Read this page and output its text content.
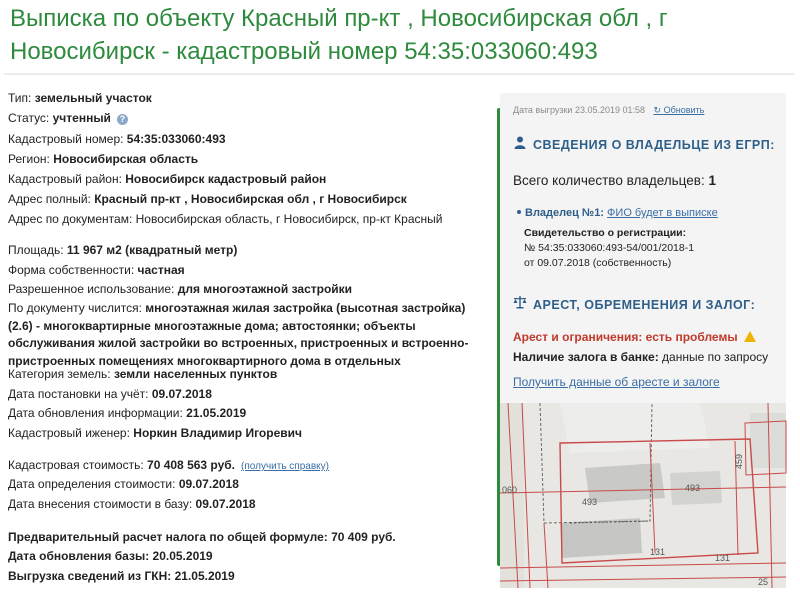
Выписка по объекту Красный пр-кт , Новосибирская обл , г Новосибирск - кадастровый номер 54:35:033060:493
Тип: земельный участок
Статус: учтенный ?
Кадастровый номер: 54:35:033060:493
Регион: Новосибирская область
Кадастровый район: Новосибирск кадастровый район
Адрес полный: Красный пр-кт , Новосибирская обл , г Новосибирск
Адрес по документам: Новосибирская область, г Новосибирск, пр-кт Красный
Площадь: 11 967 м2 (квадратный метр)
Форма собственности: частная
Разрешенное использование: для многоэтажной застройки
По документу числится: многоэтажная жилая застройка (высотная застройка) (2.6) - многоквартирные многоэтажные дома; автостоянки; объекты обслуживания жилой застройки во встроенных, пристроенных и встроенно-пристроенных помещениях многоквартирного дома в отдельных
Категория земель: земли населенных пунктов
Дата постановки на учёт: 09.07.2018
Дата обновления информации: 21.05.2019
Кадастровый иженер: Норкин Владимир Игоревич
Кадастровая стоимость: 70 408 563 руб. (получить справку)
Дата определения стоимости: 09.07.2018
Дата внесения стоимости в базу: 09.07.2018
Предварительный расчет налога по общей формуле: 70 409 руб.
Дата обновления базы: 20.05.2019
Выгрузка сведений из ГКН: 21.05.2019
Дата выгрузки 23.05.2019 01:58 ↻ Обновить
СВЕДЕНИЯ О ВЛАДЕЛЬЦЕ ИЗ ЕГРП:
Всего количество владельцев: 1
Владелец №1: ФИО будет в выписке
Свидетельство о регистрации:
№ 54:35:033060:493-54/001/2018-1
от 09.07.2018 (собственность)
АРЕСТ, ОБРЕМЕНЕНИЯ И ЗАЛОГ:
Арест и ограничения: есть проблемы
Наличие залога в банке: данные по запросу
Получить данные об аресте и залоге
060
493
493
459
131
131
25
